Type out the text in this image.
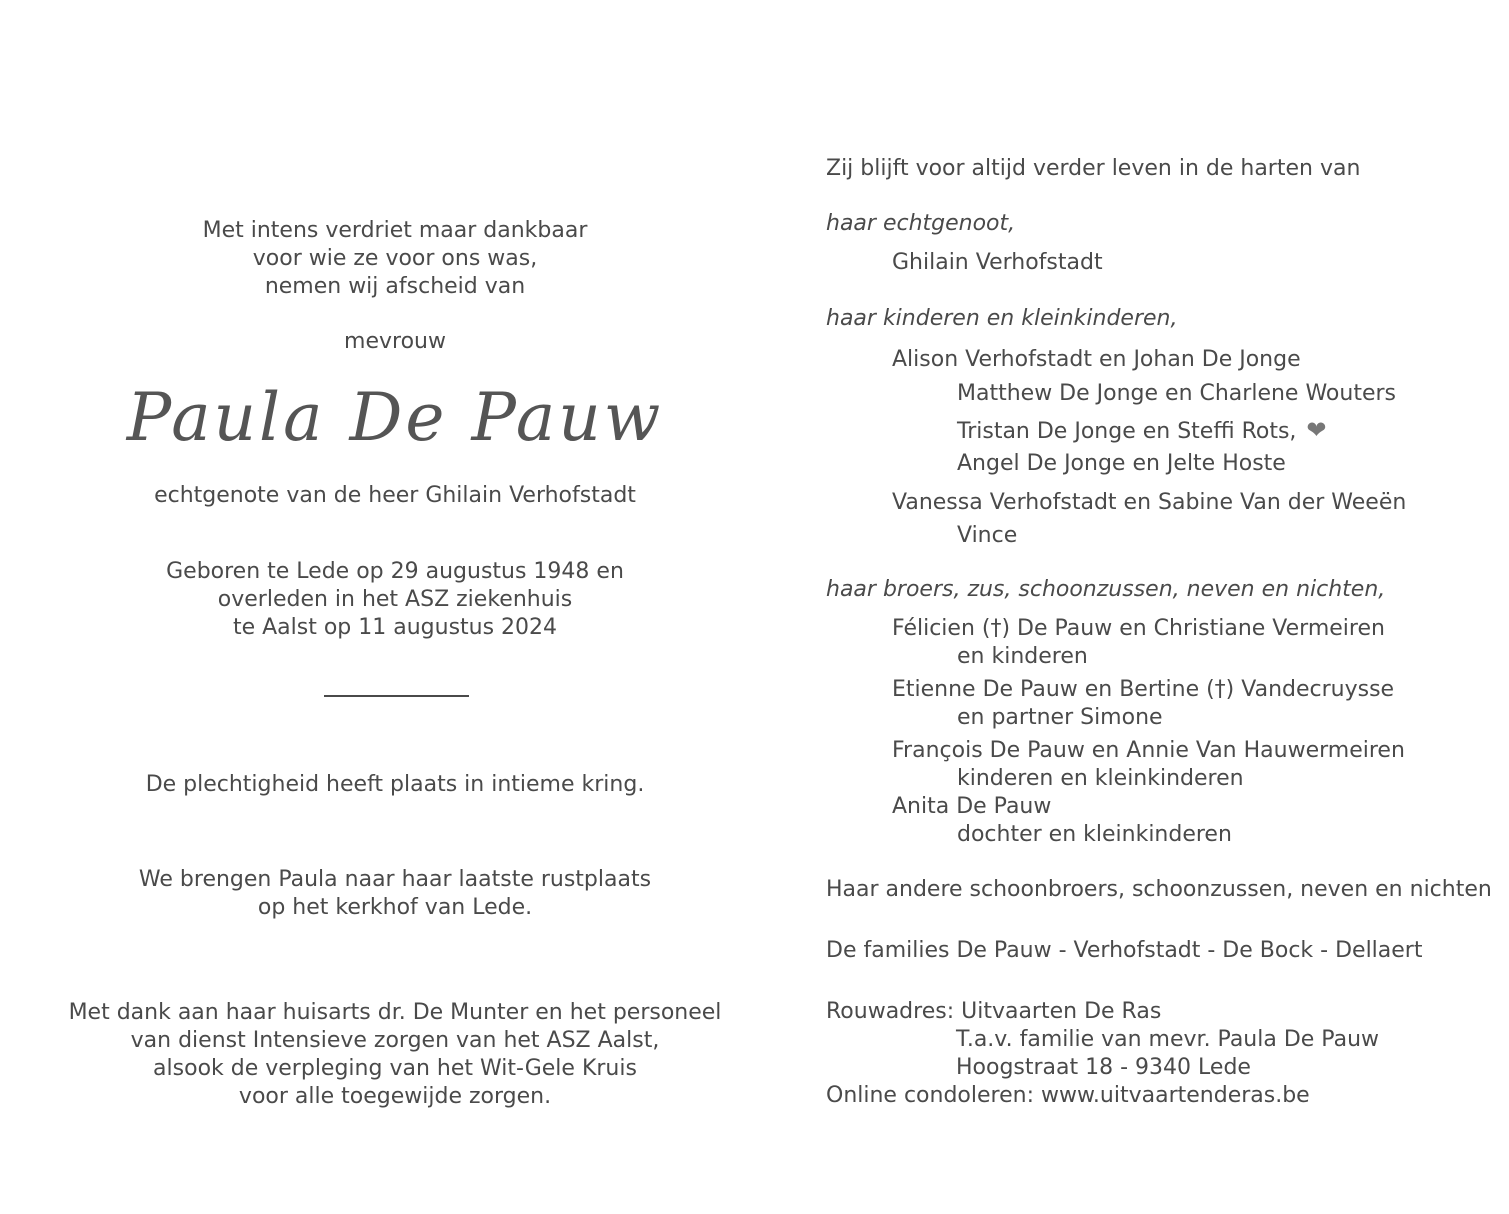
Met intens verdriet maar dankbaar
voor wie ze voor ons was,
nemen wij afscheid van
mevrouw
Paula De Pauw
echtgenote van de heer Ghilain Verhofstadt
Geboren te Lede op 29 augustus 1948 en
overleden in het ASZ ziekenhuis
te Aalst op 11 augustus 2024
De plechtigheid heeft plaats in intieme kring.
We brengen Paula naar haar laatste rustplaats
op het kerkhof van Lede.
Met dank aan haar huisarts dr. De Munter en het personeel
van dienst Intensieve zorgen van het ASZ Aalst,
alsook de verpleging van het Wit-Gele Kruis
voor alle toegewijde zorgen.
Zij blijft voor altijd verder leven in de harten van
haar echtgenoot,
Ghilain Verhofstadt
haar kinderen en kleinkinderen,
Alison Verhofstadt en Johan De Jonge
Matthew De Jonge en Charlene Wouters
Tristan De Jonge en Steffi Rots, ❤
Angel De Jonge en Jelte Hoste
Vanessa Verhofstadt en Sabine Van der Weeën
Vince
haar broers, zus, schoonzussen, neven en nichten,
Félicien (†) De Pauw en Christiane Vermeiren
en kinderen
Etienne De Pauw en Bertine (†) Vandecruysse
en partner Simone
François De Pauw en Annie Van Hauwermeiren
kinderen en kleinkinderen
Anita De Pauw
dochter en kleinkinderen
Haar andere schoonbroers, schoonzussen, neven en nichten
De families De Pauw - Verhofstadt - De Bock - Dellaert
Rouwadres: Uitvaarten De Ras
T.a.v. familie van mevr. Paula De Pauw
Hoogstraat 18 - 9340 Lede
Online condoleren: www.uitvaartenderas.be
